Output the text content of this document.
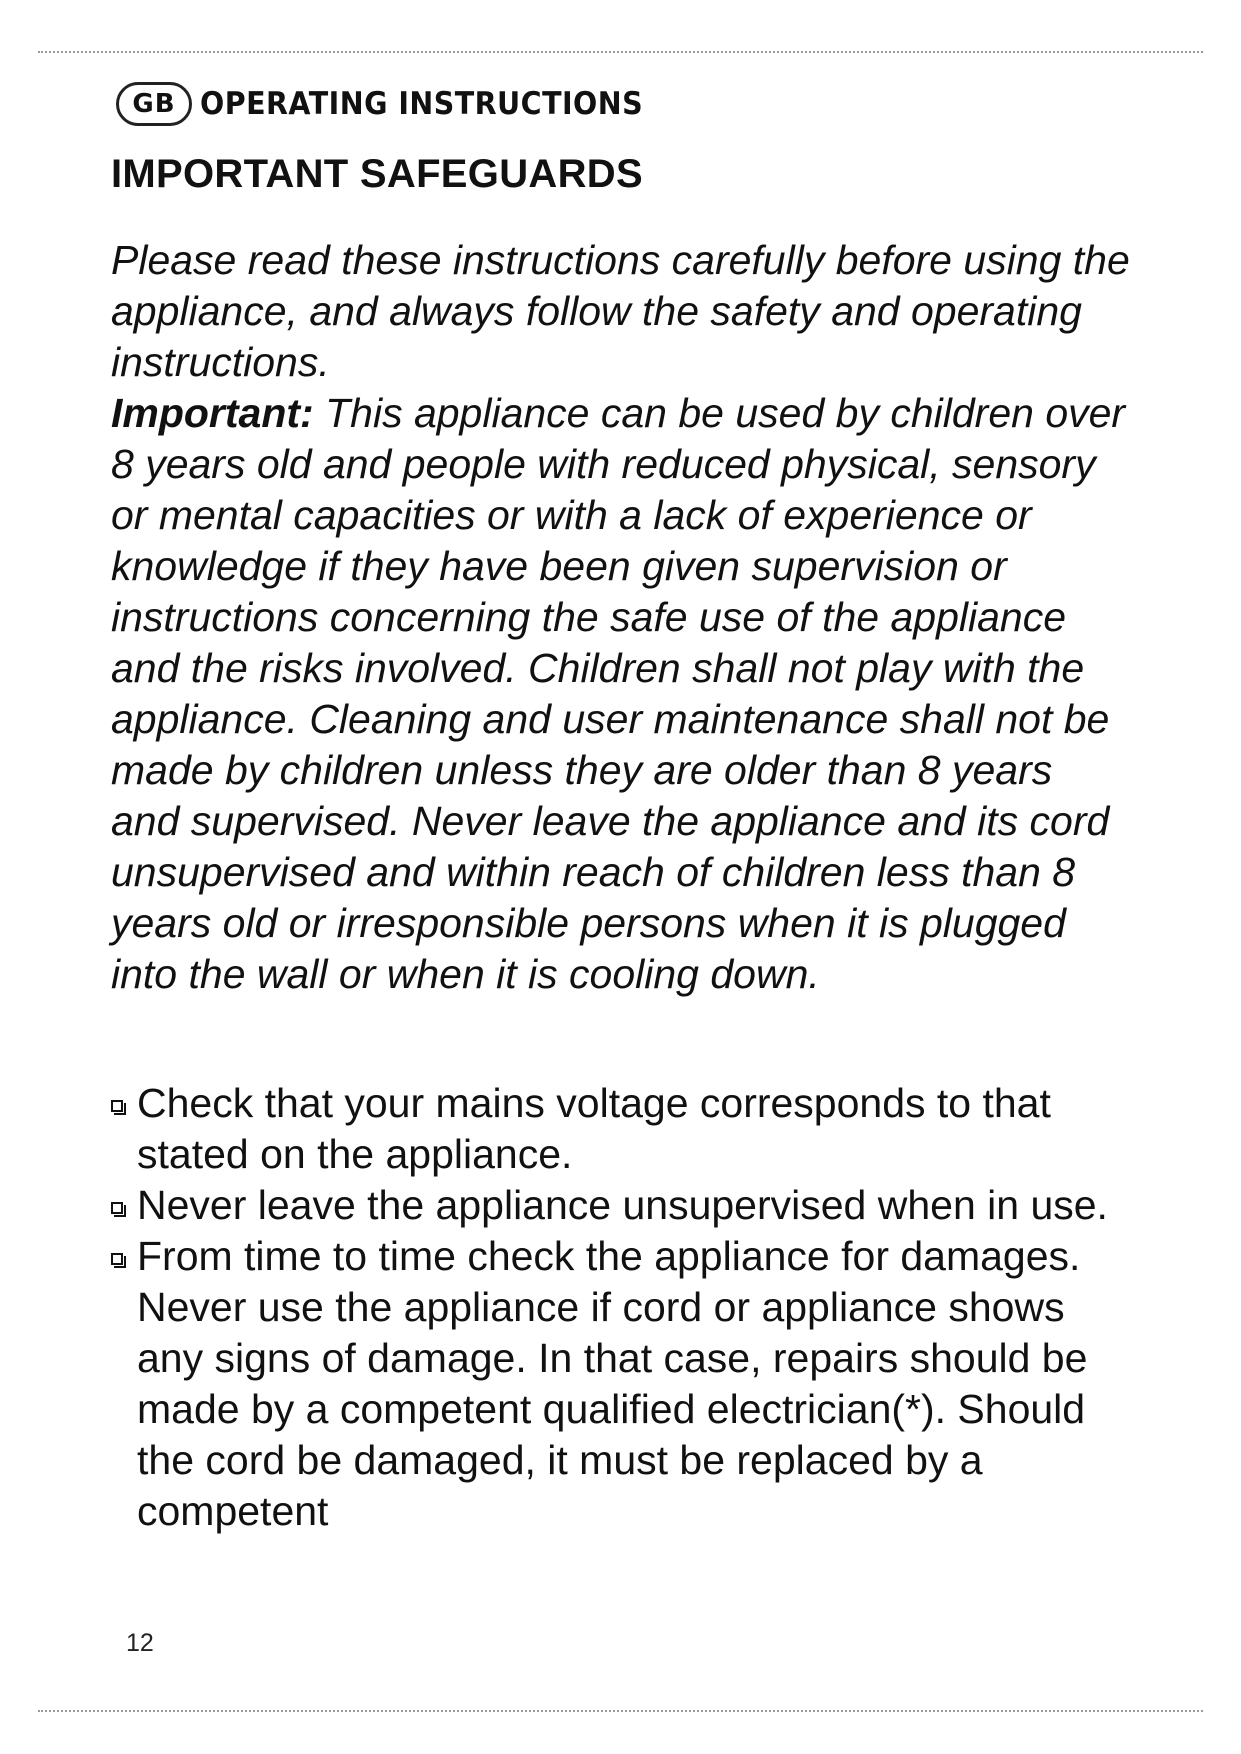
GB OPERATING INSTRUCTIONS
IMPORTANT SAFEGUARDS

Please read these instructions carefully before using the appliance, and always follow the safety and operating instructions.
Important: This appliance can be used by children over 8 years old and people with reduced physical, sensory or mental capacities or with a lack of experience or knowledge if they have been given supervision or instructions concerning the safe use of the appliance and the risks involved. Children shall not play with the appliance. Cleaning and user maintenance shall not be made by children unless they are older than 8 years and supervised. Never leave the appliance and its cord unsupervised and within reach of children less than 8 years old or irresponsible persons when it is plugged into the wall or when it is cooling down.

Check that your mains voltage corresponds to that stated on the appliance.
Never leave the appliance unsupervised when in use.
From time to time check the appliance for damages. Never use the appliance if cord or appliance shows any signs of damage. In that case, repairs should be made by a competent qualified electrician(*). Should the cord be damaged, it must be replaced by a competent
12
